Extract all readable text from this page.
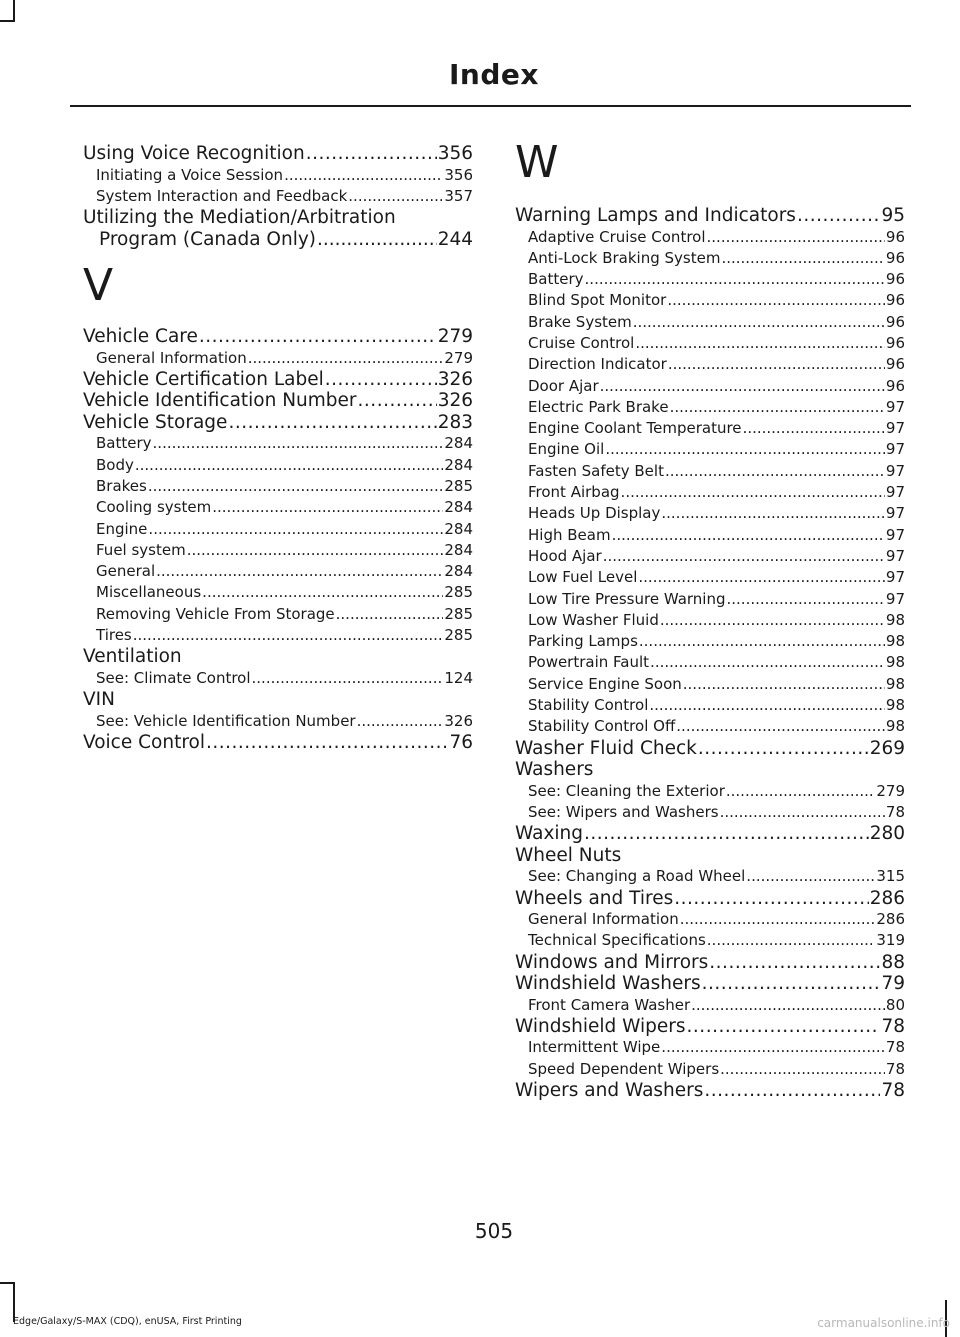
Index
Using Voice Recognition .....	356
Initiating a Voice Session .....	356
System Interaction and Feedback .....	357
Utilizing the Mediation/Arbitration
Program (Canada Only) .....	244
V
Vehicle Care .....	279
General Information .....	279
Vehicle Certification Label .....	326
Vehicle Identification Number .....	326
Vehicle Storage .....	283
Battery .....	284
Body .....	284
Brakes .....	285
Cooling system .....	284
Engine .....	284
Fuel system .....	284
General .....	284
Miscellaneous .....	285
Removing Vehicle From Storage .....	285
Tires .....	285
Ventilation
See: Climate Control .....	124
VIN
See: Vehicle Identification Number .....	326
Voice Control .....	76
W
Warning Lamps and Indicators .....	95
Adaptive Cruise Control .....	96
Anti-Lock Braking System .....	96
Battery .....	96
Blind Spot Monitor .....	96
Brake System .....	96
Cruise Control .....	96
Direction Indicator .....	96
Door Ajar .....	96
Electric Park Brake .....	97
Engine Coolant Temperature .....	97
Engine Oil .....	97
Fasten Safety Belt .....	97
Front Airbag .....	97
Heads Up Display .....	97
High Beam .....	97
Hood Ajar .....	97
Low Fuel Level .....	97
Low Tire Pressure Warning .....	97
Low Washer Fluid .....	98
Parking Lamps .....	98
Powertrain Fault .....	98
Service Engine Soon .....	98
Stability Control .....	98
Stability Control Off .....	98
Washer Fluid Check .....	269
Washers
See: Cleaning the Exterior .....	279
See: Wipers and Washers .....	78
Waxing .....	280
Wheel Nuts
See: Changing a Road Wheel .....	315
Wheels and Tires .....	286
General Information .....	286
Technical Specifications .....	319
Windows and Mirrors .....	88
Windshield Washers .....	79
Front Camera Washer .....	80
Windshield Wipers .....	78
Intermittent Wipe .....	78
Speed Dependent Wipers .....	78
Wipers and Washers .....	78
505
Edge/Galaxy/S-MAX (CDQ), enUSA, First Printing	carmanualsonline.info
